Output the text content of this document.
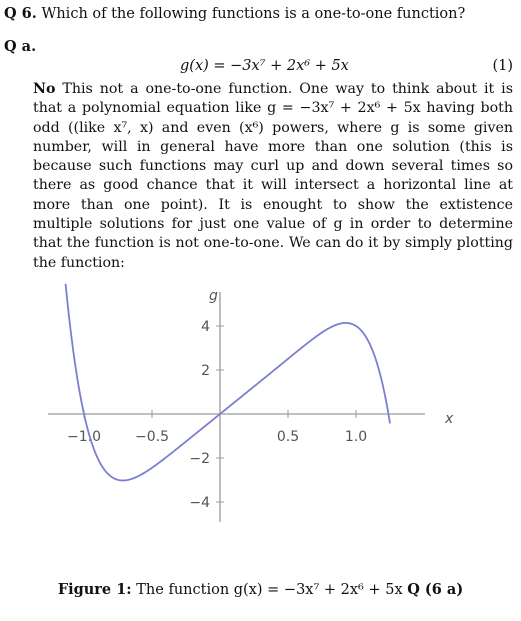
Q 6. Which of the following functions is a one-to-one function?
Q a.
g(x) = −3x⁷ + 2x⁶ + 5x	(1)
No This not a one-to-one function. One way to think about it is that a polynomial equation like g = −3x⁷ + 2x⁶ + 5x having both odd ((like x⁷, x) and even (x⁶) powers, where g is some given number, will in general have more than one solution (this is because such functions may curl up and down several times so there as good chance that it will intersect a horizontal line at more than one point). It is enought to show the extistence multiple solutions for just one value of g in order to determine that the function is not one-to-one. We can do it by simply plotting the function:
−1.0 −0.5	0.5	1.0
4
2
−2
−4
x
g
Figure 1: The function g(x) = −3x⁷ + 2x⁶ + 5x Q (6 a)
